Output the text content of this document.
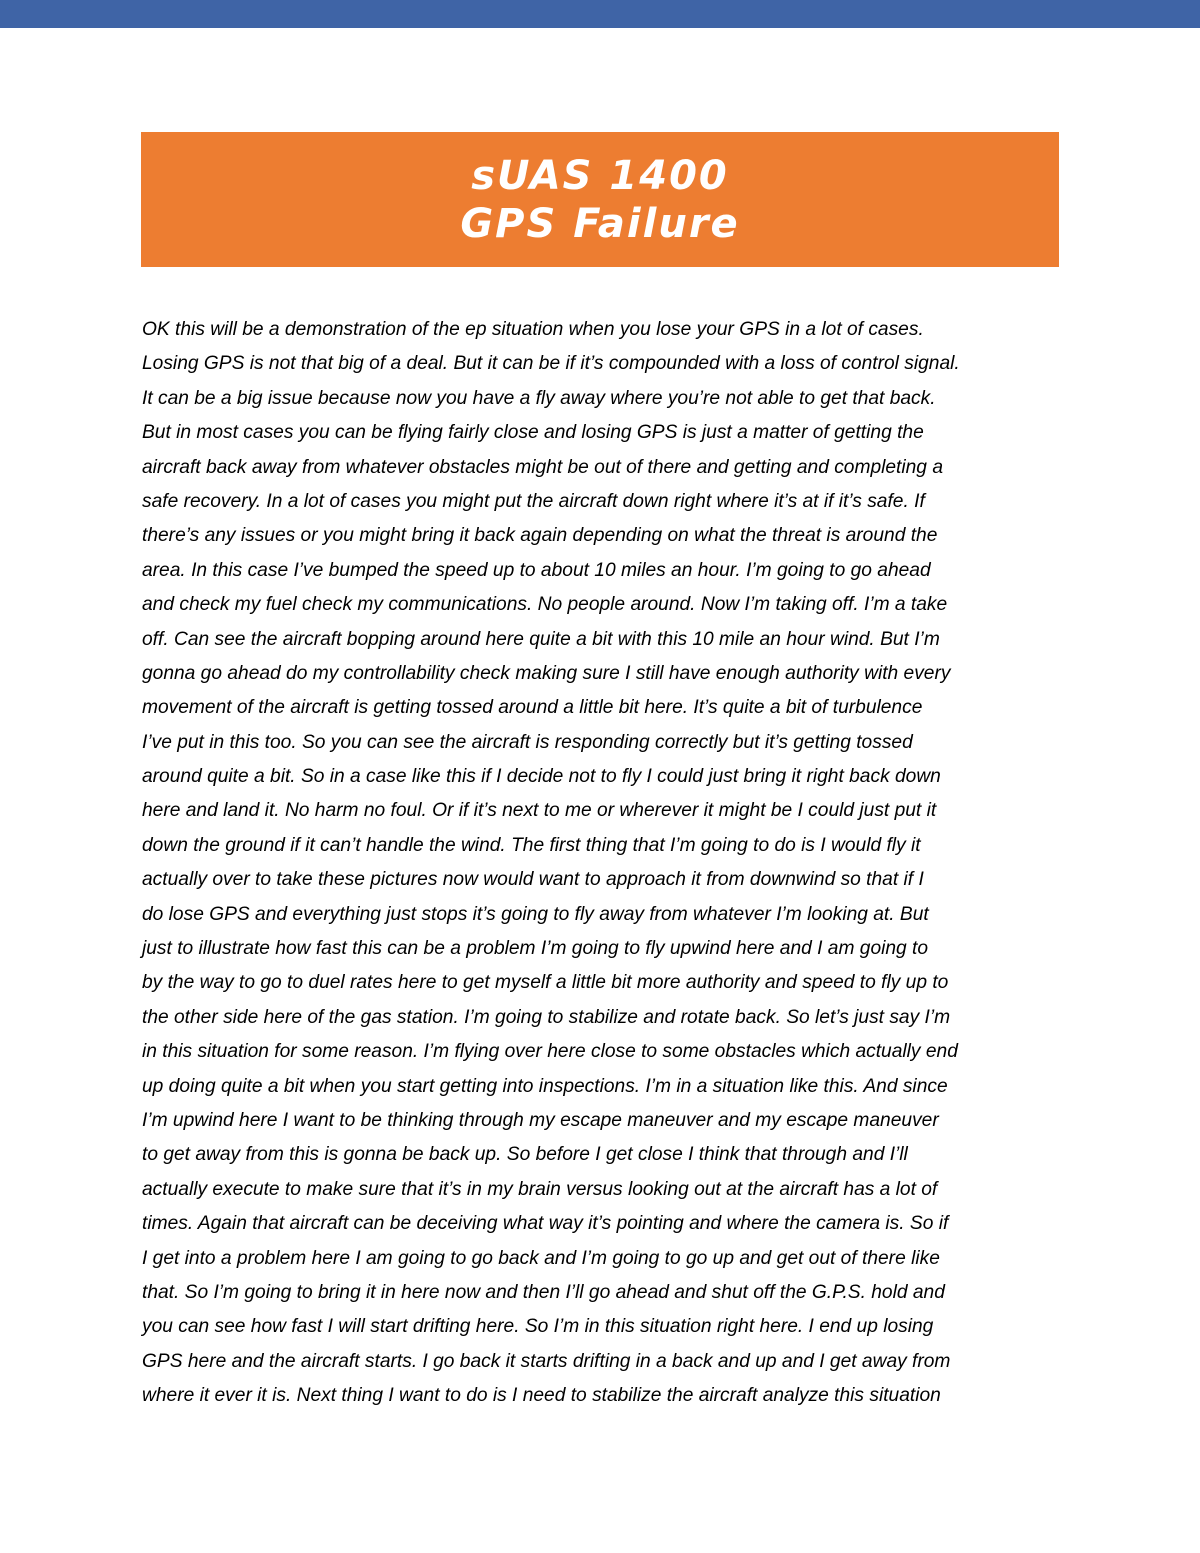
sUAS 1400
GPS Failure
OK this will be a demonstration of the ep situation when you lose your GPS in a lot of cases.
Losing GPS is not that big of a deal. But it can be if it’s compounded with a loss of control signal.
It can be a big issue because now you have a fly away where you’re not able to get that back.
But in most cases you can be flying fairly close and losing GPS is just a matter of getting the
aircraft back away from whatever obstacles might be out of there and getting and completing a
safe recovery. In a lot of cases you might put the aircraft down right where it’s at if it’s safe. If
there’s any issues or you might bring it back again depending on what the threat is around the
area. In this case I’ve bumped the speed up to about 10 miles an hour. I’m going to go ahead
and check my fuel check my communications. No people around. Now I’m taking off. I’m a take
off. Can see the aircraft bopping around here quite a bit with this 10 mile an hour wind. But I’m
gonna go ahead do my controllability check making sure I still have enough authority with every
movement of the aircraft is getting tossed around a little bit here. It’s quite a bit of turbulence
I’ve put in this too. So you can see the aircraft is responding correctly but it’s getting tossed
around quite a bit. So in a case like this if I decide not to fly I could just bring it right back down
here and land it. No harm no foul. Or if it’s next to me or wherever it might be I could just put it
down the ground if it can’t handle the wind. The first thing that I’m going to do is I would fly it
actually over to take these pictures now would want to approach it from downwind so that if I
do lose GPS and everything just stops it’s going to fly away from whatever I’m looking at. But
just to illustrate how fast this can be a problem I’m going to fly upwind here and I am going to
by the way to go to duel rates here to get myself a little bit more authority and speed to fly up to
the other side here of the gas station. I’m going to stabilize and rotate back. So let’s just say I’m
in this situation for some reason. I’m flying over here close to some obstacles which actually end
up doing quite a bit when you start getting into inspections. I’m in a situation like this. And since
I’m upwind here I want to be thinking through my escape maneuver and my escape maneuver
to get away from this is gonna be back up. So before I get close I think that through and I’ll
actually execute to make sure that it’s in my brain versus looking out at the aircraft has a lot of
times. Again that aircraft can be deceiving what way it’s pointing and where the camera is. So if
I get into a problem here I am going to go back and I’m going to go up and get out of there like
that. So I’m going to bring it in here now and then I’ll go ahead and shut off the G.P.S. hold and
you can see how fast I will start drifting here. So I’m in this situation right here. I end up losing
GPS here and the aircraft starts. I go back it starts drifting in a back and up and I get away from
where it ever it is. Next thing I want to do is I need to stabilize the aircraft analyze this situation
